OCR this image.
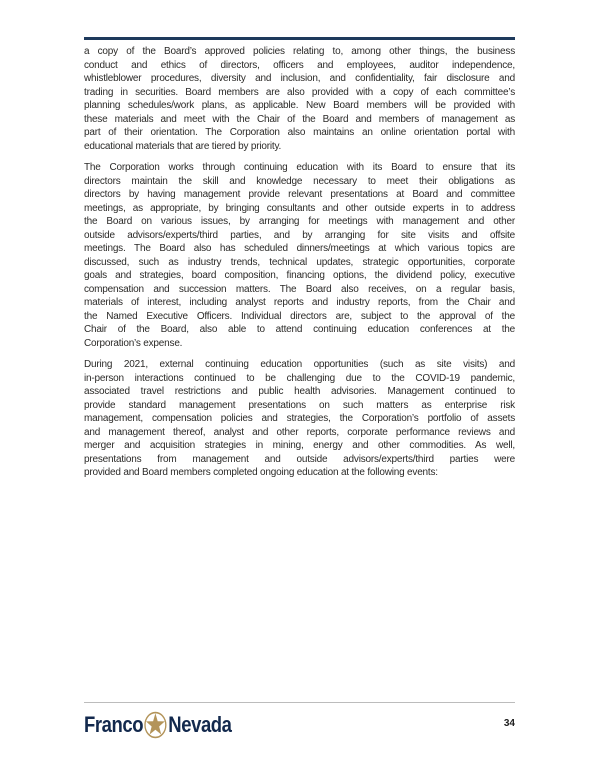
a copy of the Board’s approved policies relating to, among other things, the business
conduct and ethics of directors, officers and employees, auditor independence,
whistleblower procedures, diversity and inclusion, and confidentiality, fair disclosure and
trading in securities. Board members are also provided with a copy of each committee’s
planning schedules/work plans, as applicable. New Board members will be provided with
these materials and meet with the Chair of the Board and members of management as
part of their orientation. The Corporation also maintains an online orientation portal with
educational materials that are tiered by priority.

The Corporation works through continuing education with its Board to ensure that its
directors maintain the skill and knowledge necessary to meet their obligations as
directors by having management provide relevant presentations at Board and committee
meetings, as appropriate, by bringing consultants and other outside experts in to address
the Board on various issues, by arranging for meetings with management and other
outside advisors/experts/third parties, and by arranging for site visits and offsite
meetings. The Board also has scheduled dinners/meetings at which various topics are
discussed, such as industry trends, technical updates, strategic opportunities, corporate
goals and strategies, board composition, financing options, the dividend policy, executive
compensation and succession matters. The Board also receives, on a regular basis,
materials of interest, including analyst reports and industry reports, from the Chair and
the Named Executive Officers. Individual directors are, subject to the approval of the
Chair of the Board, also able to attend continuing education conferences at the
Corporation’s expense.

During 2021, external continuing education opportunities (such as site visits) and
in-person interactions continued to be challenging due to the COVID-19 pandemic,
associated travel restrictions and public health advisories. Management continued to
provide standard management presentations on such matters as enterprise risk
management, compensation policies and strategies, the Corporation’s portfolio of assets
and management thereof, analyst and other reports, corporate performance reviews and
merger and acquisition strategies in mining, energy and other commodities. As well,
presentations from management and outside advisors/experts/third parties were
provided and Board members completed ongoing education at the following events:

Franco Nevada	34
